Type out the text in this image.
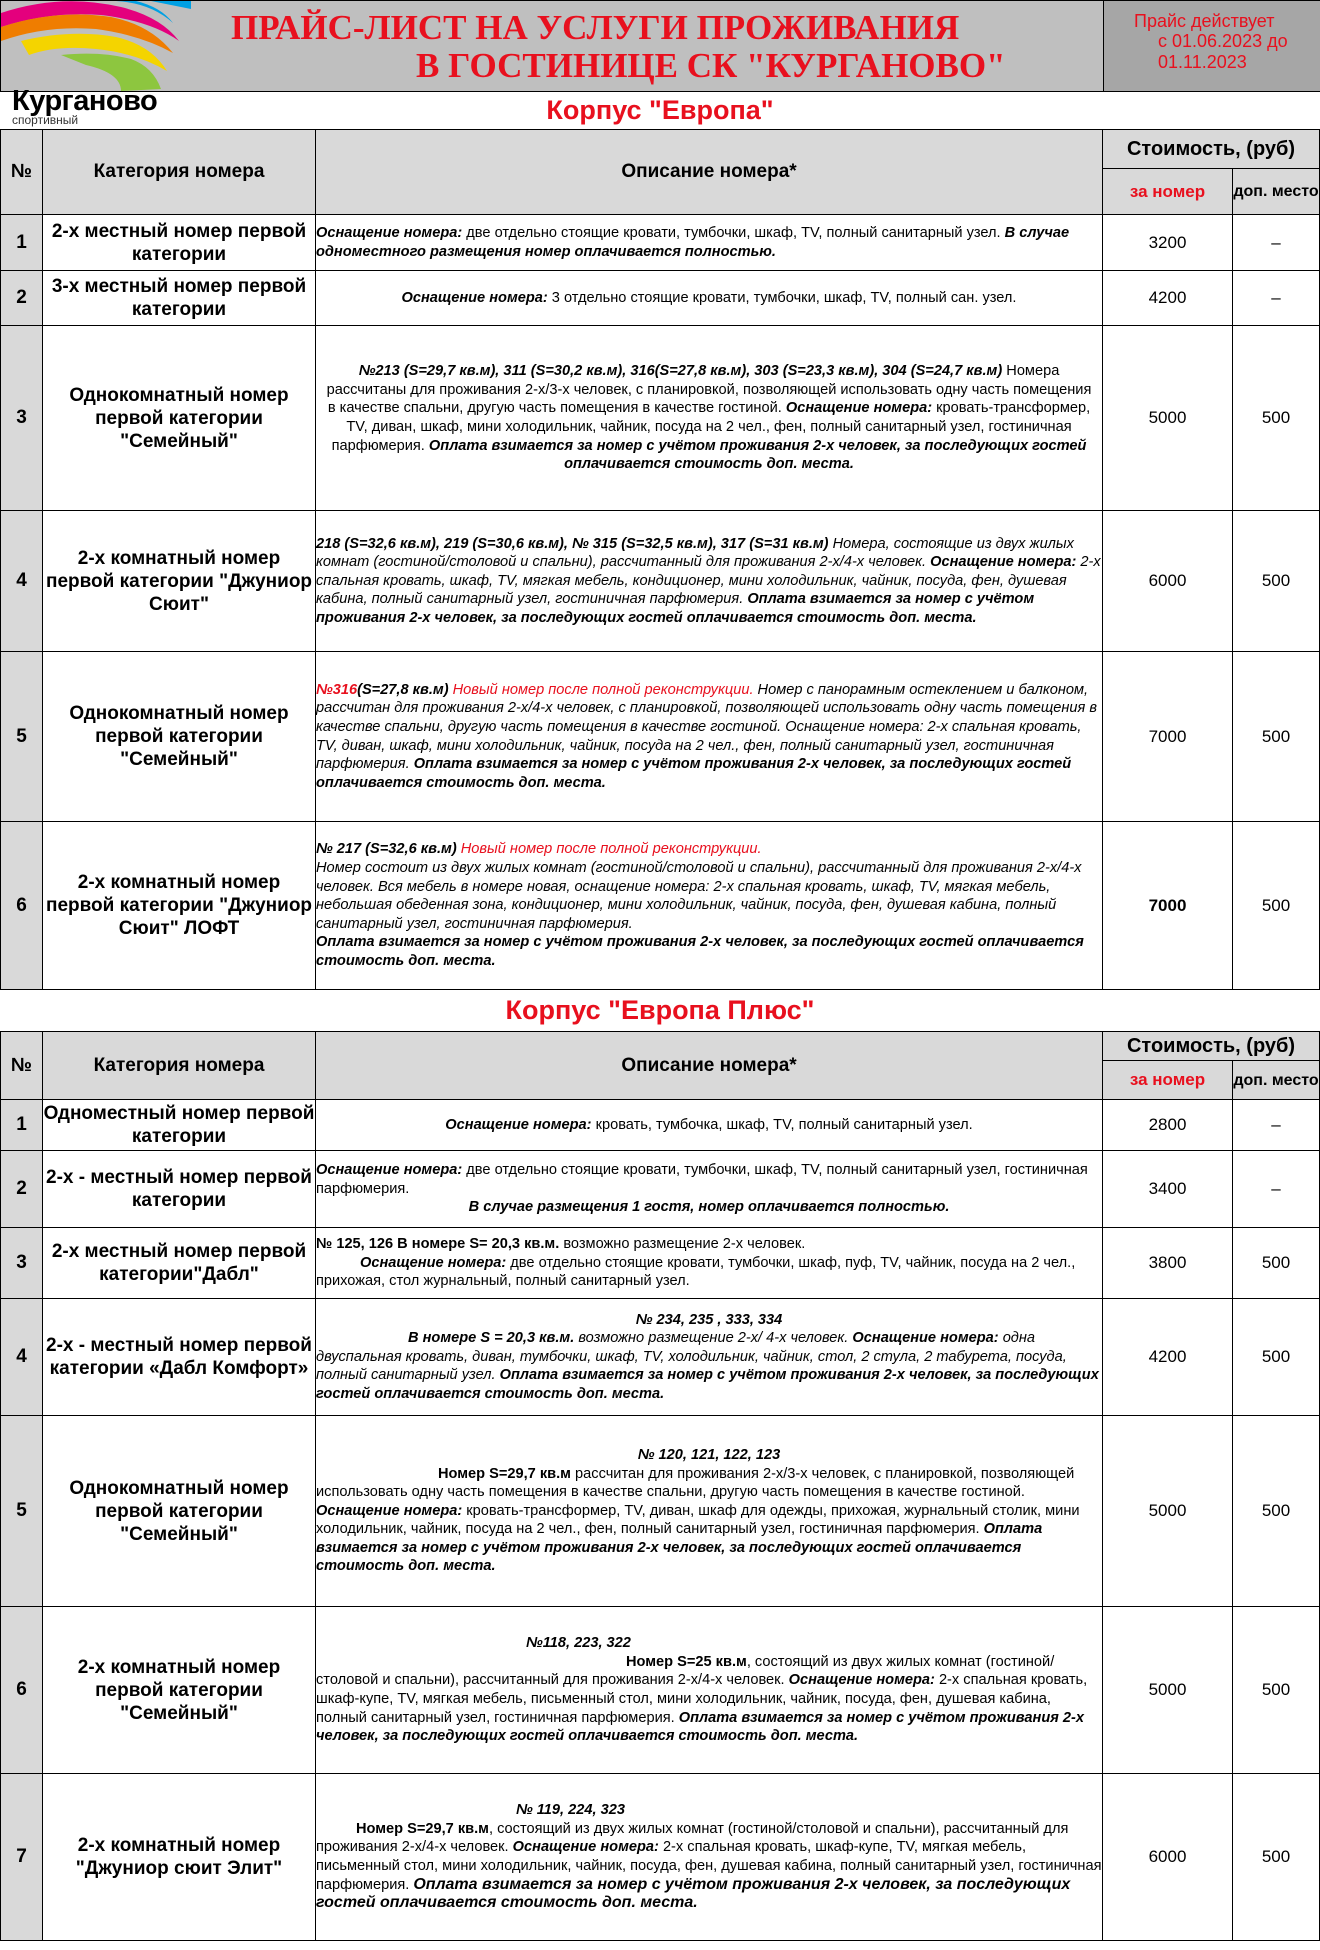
ПРАЙС-ЛИСТ НА УСЛУГИ ПРОЖИВАНИЯ
В ГОСТИНИЦЕ СК "КУРГАНОВО"
Прайс действует
с 01.06.2023 до
01.11.2023
Курганово
спортивный	Корпус "Европа"
№	Категория номера	Описание номера*	Стоимость, (руб)	
			за номер	доп. место
1	2-х местный номер первой категории	Оснащение номера: две отдельно стоящие кровати, тумбочки, шкаф, TV, полный санитарный узел. В случае одноместного размещения номер оплачивается полностью.	3200	–
2	3-х местный номер первой категории	Оснащение номера: 3 отдельно стоящие кровати, тумбочки, шкаф, TV, полный сан. узел.	4200	–
3	Однокомнатный номер первой категории "Семейный"	№213 (S=29,7 кв.м), 311 (S=30,2 кв.м), 316(S=27,8 кв.м), 303 (S=23,3 кв.м), 304 (S=24,7 кв.м) Номера рассчитаны для проживания 2-х/3-х человек, с планировкой, позволяющей использовать одну часть помещения в качестве спальни, другую часть помещения в качестве гостиной. Оснащение номера: кровать-трансформер, TV, диван, шкаф, мини холодильник, чайник, посуда на 2 чел., фен, полный санитарный узел, гостиничная парфюмерия. Оплата взимается за номер с учётом проживания 2-х человек, за последующих гостей оплачивается стоимость доп. места.	5000	500
4	2-х комнатный номер первой категории "Джуниор Сюит"	218 (S=32,6 кв.м), 219 (S=30,6 кв.м), № 315 (S=32,5 кв.м), 317 (S=31 кв.м) Номера, состоящие из двух жилых комнат (гостиной/столовой и спальни), рассчитанный для проживания 2-х/4-х человек. Оснащение номера: 2-х спальная кровать, шкаф, TV, мягкая мебель, кондиционер, мини холодильник, чайник, посуда, фен, душевая кабина, полный санитарный узел, гостиничная парфюмерия. Оплата взимается за номер с учётом проживания 2-х человек, за последующих гостей оплачивается стоимость доп. места.	6000	500
5	Однокомнатный номер первой категории "Семейный"	№316(S=27,8 кв.м) Новый номер после полной реконструкции. Номер с панорамным остеклением и балконом, рассчитан для проживания 2-х/4-х человек, с планировкой, позволяющей использовать одну часть помещения в качестве спальни, другую часть помещения в качестве гостиной. Оснащение номера: 2-х спальная кровать, TV, диван, шкаф, мини холодильник, чайник, посуда на 2 чел., фен, полный санитарный узел, гостиничная парфюмерия. Оплата взимается за номер с учётом проживания 2-х человек, за последующих гостей оплачивается стоимость доп. места.	7000	500
6	2-х комнатный номер первой категории "Джуниор Сюит" ЛОФТ	№ 217 (S=32,6 кв.м) Новый номер после полной реконструкции.
Номер состоит из двух жилых комнат (гостиной/столовой и спальни), рассчитанный для проживания 2-х/4-х человек. Вся мебель в номере новая, оснащение номера: 2-х спальная кровать, шкаф, TV, мягкая мебель, небольшая обеденная зона, кондиционер, мини холодильник, чайник, посуда, фен, душевая кабина, полный санитарный узел, гостиничная парфюмерия.
Оплата взимается за номер с учётом проживания 2-х человек, за последующих гостей оплачивается стоимость доп. места.	7000	500
Корпус "Европа Плюс"
№	Категория номера	Описание номера*	Стоимость, (руб)	
			за номер	доп. место
1	Одноместный номер первой категории	Оснащение номера: кровать, тумбочка, шкаф, TV, полный санитарный узел.	2800	–
2	2-х - местный номер первой категории	Оснащение номера: две отдельно стоящие кровати, тумбочки, шкаф, TV, полный санитарный узел, гостиничная парфюмерия.

В случае размещения 1 гостя, номер оплачивается полностью.	3400	–
3	2-х местный номер первой категории"Дабл"	№ 125, 126 В номере S= 20,3 кв.м. возможно размещение 2-х человек.
Оснащение номера: две отдельно стоящие кровати, тумбочки, шкаф, пуф, TV, чайник, посуда на 2 чел., прихожая, стол журнальный, полный санитарный узел.	3800	500
4	2-х - местный номер первой категории «Дабл Комфорт»	№ 234, 235 , 333, 334
В номере S = 20,3 кв.м. возможно размещение 2-х/ 4-х человек. Оснащение номера: одна двуспальная кровать, диван, тумбочки, шкаф, TV, холодильник, чайник, стол, 2 стула, 2 табурета, посуда, полный санитарный узел. Оплата взимается за номер с учётом проживания 2-х человек, за последующих гостей оплачивается стоимость доп. места.	4200	500
5	Однокомнатный номер первой категории "Семейный"	№ 120, 121, 122, 123
Номер S=29,7 кв.м рассчитан для проживания 2-х/3-х человек, с планировкой, позволяющей использовать одну часть помещения в качестве спальни, другую часть помещения в качестве гостиной. Оснащение номера: кровать-трансформер, TV, диван, шкаф для одежды, прихожая, журнальный столик, мини холодильник, чайник, посуда на 2 чел., фен, полный санитарный узел, гостиничная парфюмерия. Оплата взимается за номер с учётом проживания 2-х человек, за последующих гостей оплачивается стоимость доп. места.	5000	500
6	2-х комнатный номер первой категории "Семейный"	№118, 223, 322
Номер S=25 кв.м, состоящий из двух жилых комнат (гостиной/столовой и спальни), рассчитанный для проживания 2-х/4-х человек. Оснащение номера: 2-х спальная кровать, шкаф-купе, TV, мягкая мебель, письменный стол, мини холодильник, чайник, посуда, фен, душевая кабина, полный санитарный узел, гостиничная парфюмерия. Оплата взимается за номер с учётом проживания 2-х человек, за последующих гостей оплачивается стоимость доп. места.	5000	500
7	2-х комнатный номер "Джуниор сюит Элит"	№ 119, 224, 323
Номер S=29,7 кв.м, состоящий из двух жилых комнат (гостиной/столовой и спальни), рассчитанный для проживания 2-х/4-х человек. Оснащение номера: 2-х спальная кровать, шкаф-купе, TV, мягкая мебель, письменный стол, мини холодильник, чайник, посуда, фен, душевая кабина, полный санитарный узел, гостиничная парфюмерия. Оплата взимается за номер с учётом проживания 2-х человек, за последующих гостей оплачивается стоимость доп. места.	6000	500
